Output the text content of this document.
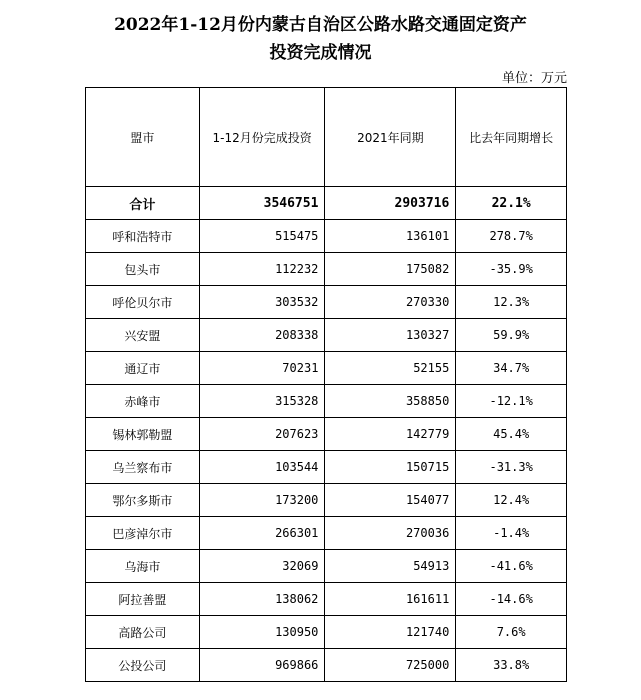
2022年1-12月份内蒙古自治区公路水路交通固定资产
投资完成情况
单位：万元
盟市	1-12月份完成投资	2021年同期	比去年同期增长
合计	3546751	2903716	22.1%
呼和浩特市	515475	136101	278.7%
包头市	112232	175082	-35.9%
呼伦贝尔市	303532	270330	12.3%
兴安盟	208338	130327	59.9%
通辽市	70231	52155	34.7%
赤峰市	315328	358850	-12.1%
锡林郭勒盟	207623	142779	45.4%
乌兰察布市	103544	150715	-31.3%
鄂尔多斯市	173200	154077	12.4%
巴彦淖尔市	266301	270036	-1.4%
乌海市	32069	54913	-41.6%
阿拉善盟	138062	161611	-14.6%
高路公司	130950	121740	7.6%
公投公司	969866	725000	33.8%
